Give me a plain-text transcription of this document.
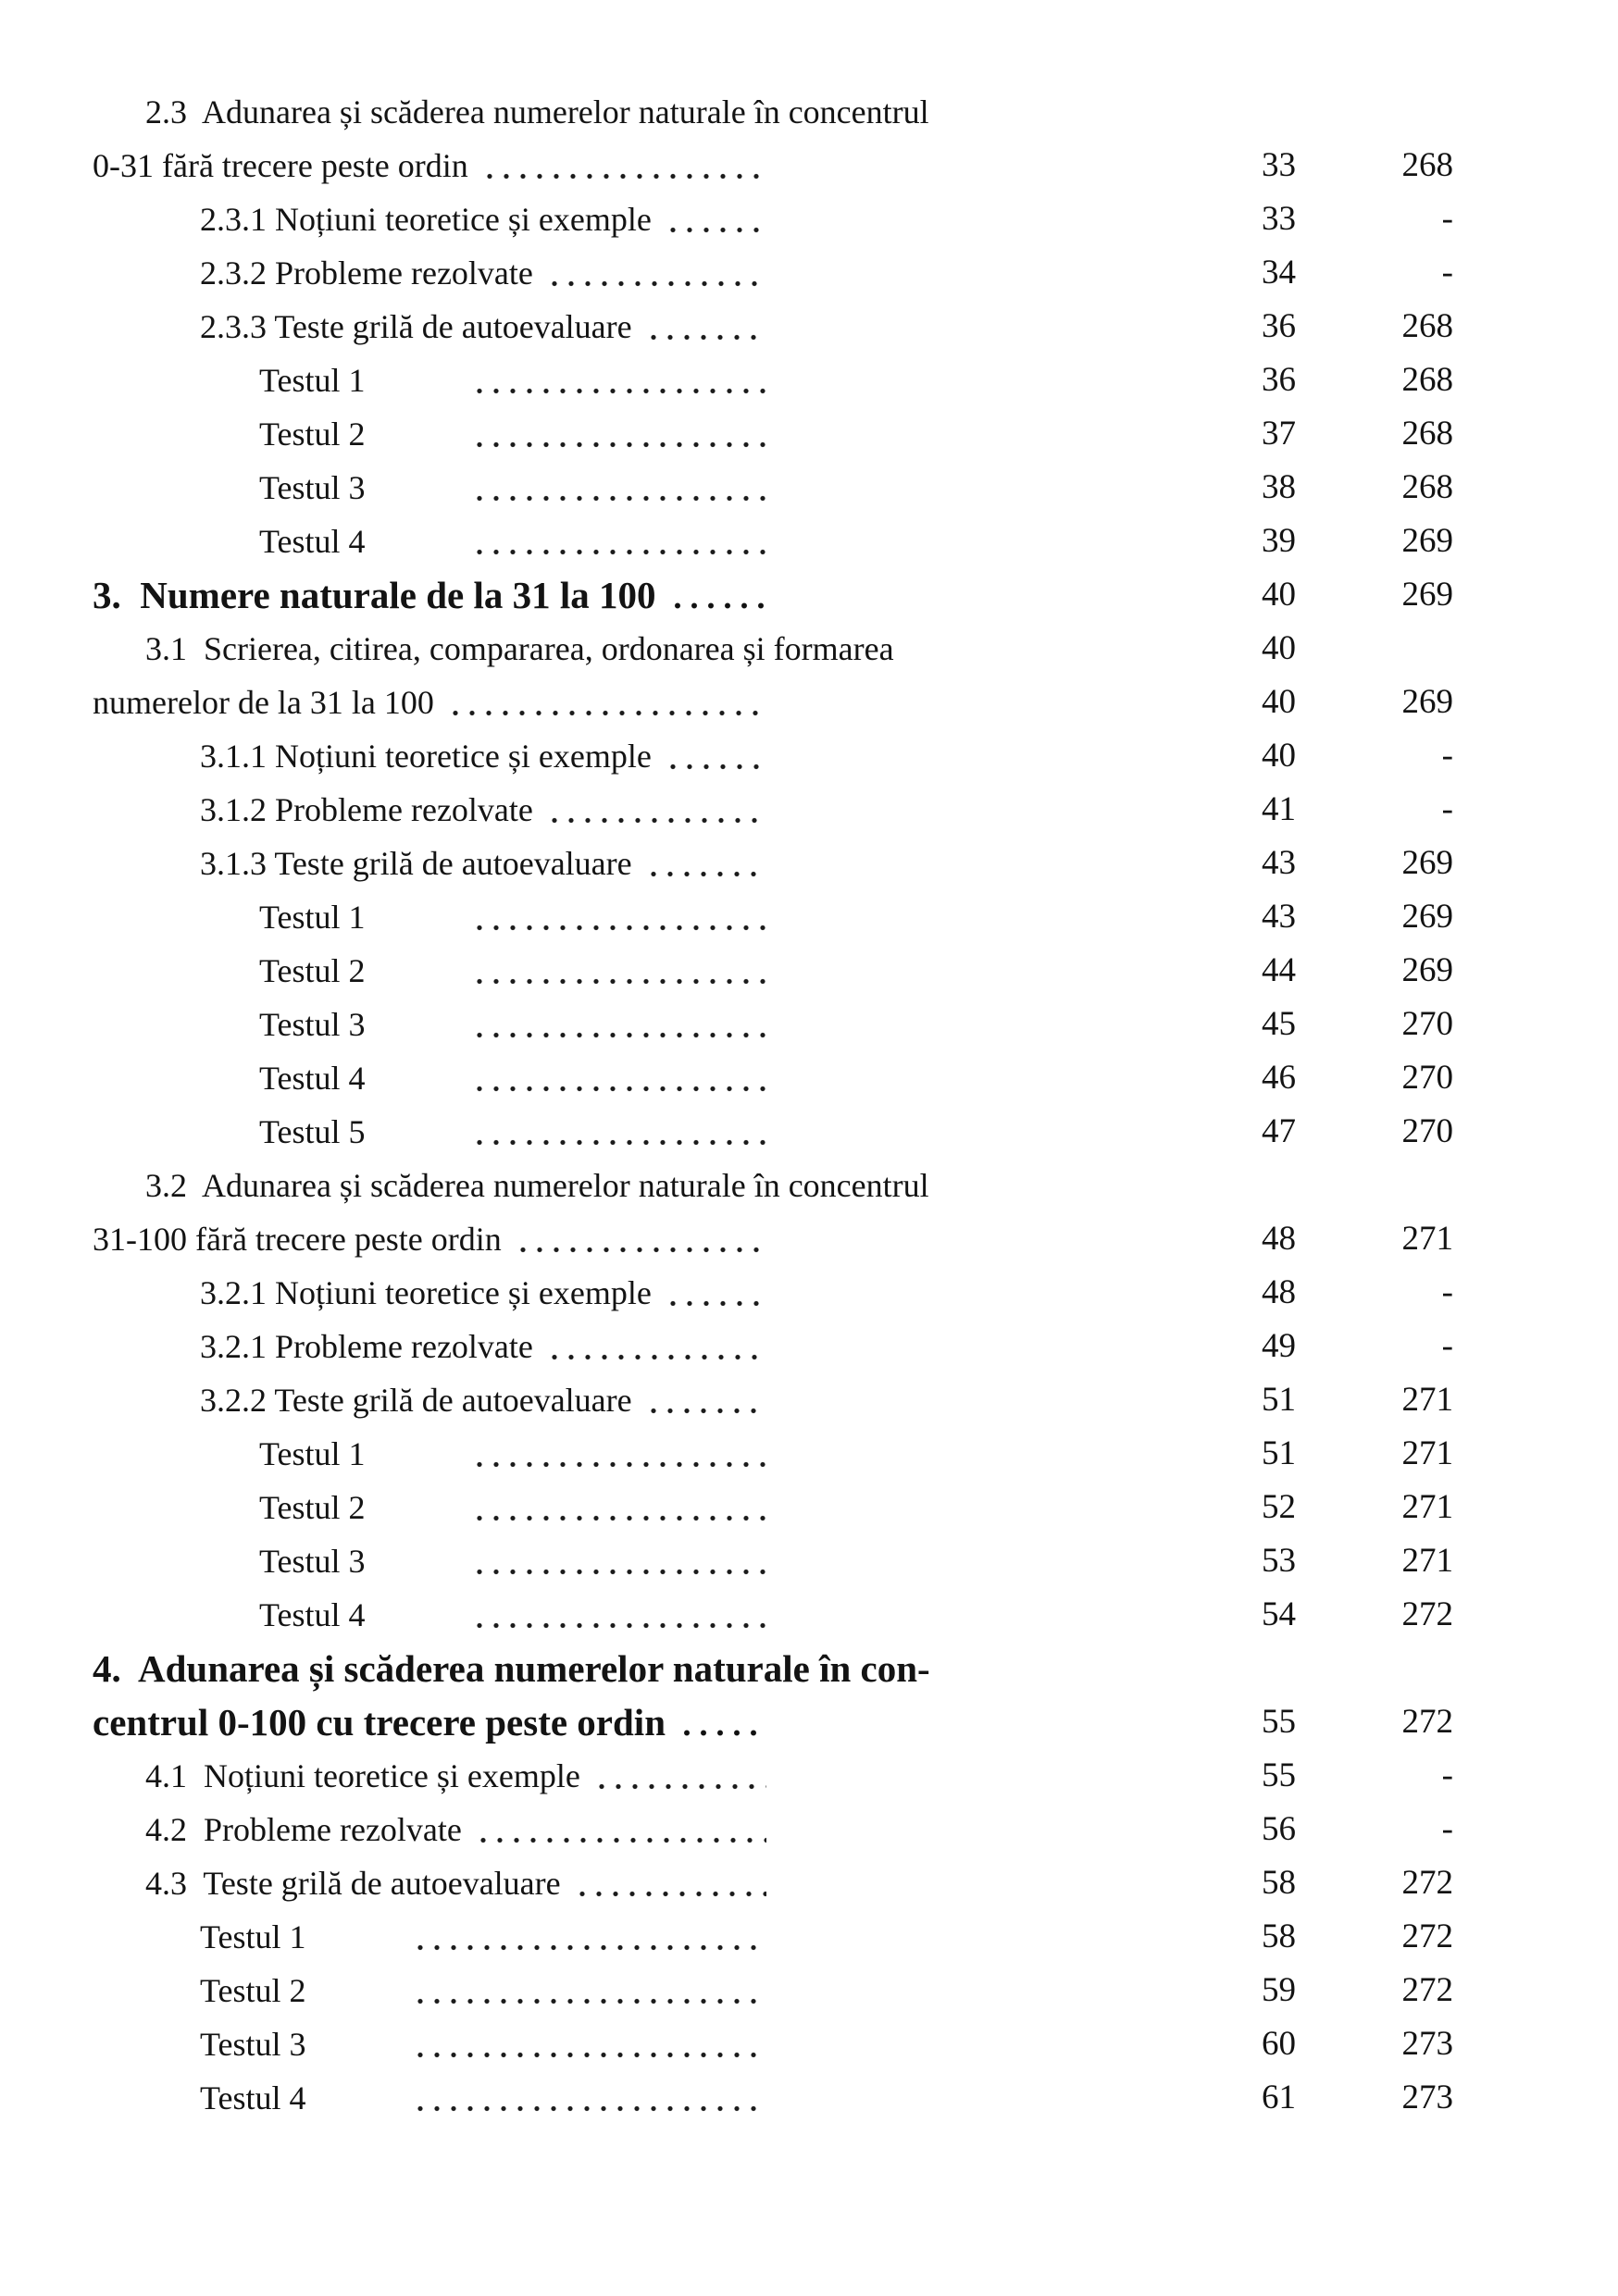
2.3  Adunarea și scăderea numerelor naturale în concentrul
0-31 fără trecere peste ordin	33	268
2.3.1 Noțiuni teoretice și exemple	33	-
2.3.2 Probleme rezolvate	34	-
2.3.3 Teste grilă de autoevaluare	36	268
Testul 1	36	268
Testul 2	37	268
Testul 3	38	268
Testul 4	39	269
3.  Numere naturale de la 31 la 100	40	269
3.1  Scrierea, citirea, compararea, ordonarea și formarea	40
numerelor de la 31 la 100	40	269
3.1.1 Noțiuni teoretice și exemple	40	-
3.1.2 Probleme rezolvate	41	-
3.1.3 Teste grilă de autoevaluare	43	269
Testul 1	43	269
Testul 2	44	269
Testul 3	45	270
Testul 4	46	270
Testul 5	47	270
3.2  Adunarea și scăderea numerelor naturale în concentrul
31-100 fără trecere peste ordin	48	271
3.2.1 Noțiuni teoretice și exemple	48	-
3.2.1 Probleme rezolvate	49	-
3.2.2 Teste grilă de autoevaluare	51	271
Testul 1	51	271
Testul 2	52	271
Testul 3	53	271
Testul 4	54	272
4.  Adunarea și scăderea numerelor naturale în con-
centrul 0-100 cu trecere peste ordin	55	272
4.1  Noțiuni teoretice și exemple	55	-
4.2  Probleme rezolvate	56	-
4.3  Teste grilă de autoevaluare	58	272
Testul 1	58	272
Testul 2	59	272
Testul 3	60	273
Testul 4	61	273
